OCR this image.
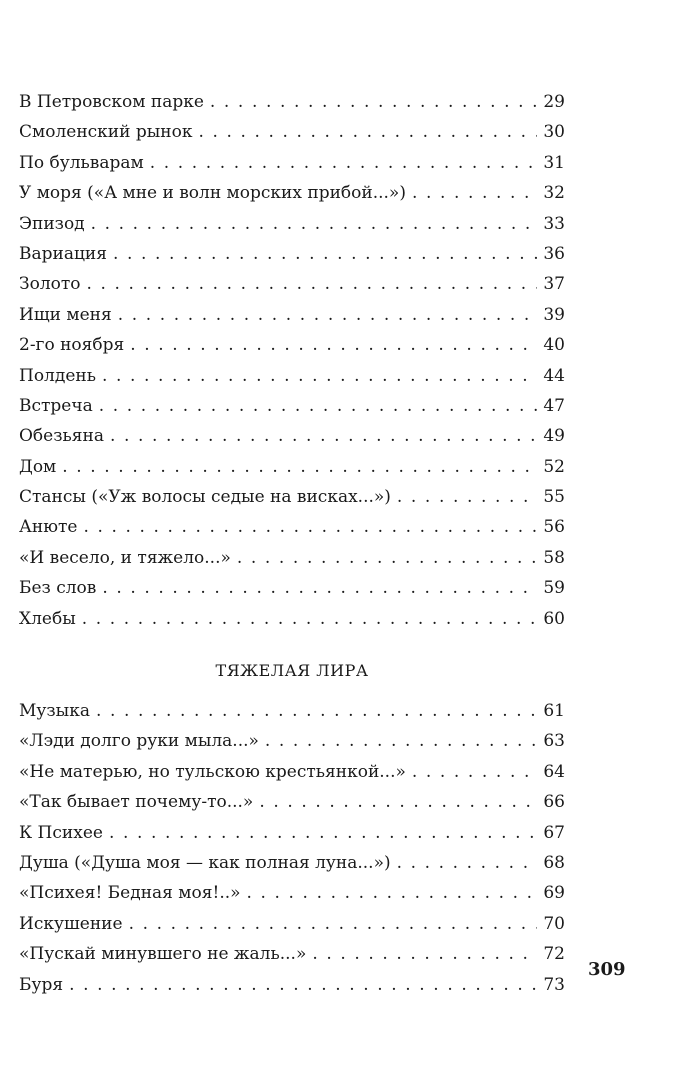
В Петровском парке . . .	29
Смоленский рынок . . .	30
По бульварам . . .	31
У моря («А мне и волн морских прибой...») . . .	32
Эпизод . . .	33
Вариация . . .	36
Золото . . .	37
Ищи меня . . .	39
2-го ноября . . .	40
Полдень . . .	44
Встреча . . .	47
Обезьяна . . .	49
Дом . . .	52
Стансы («Уж волосы седые на висках...») . . .	55
Анюте . . .	56
«И весело, и тяжело...» . . .	58
Без слов . . .	59
Хлебы . . .	60
ТЯЖЕЛАЯ ЛИРА
Музыка . . .	61
«Лэди долго руки мыла...» . . .	63
«Не матерью, но тульскою крестьянкой...» . . .	64
«Так бывает почему-то...» . . .	66
К Психее . . .	67
Душа («Душа моя — как полная луна...») . . .	68
«Психея! Бедная моя!..» . . .	69
Искушение . . .	70
«Пускай минувшего не жаль...» . . .	72
Буря . . .	73
309
